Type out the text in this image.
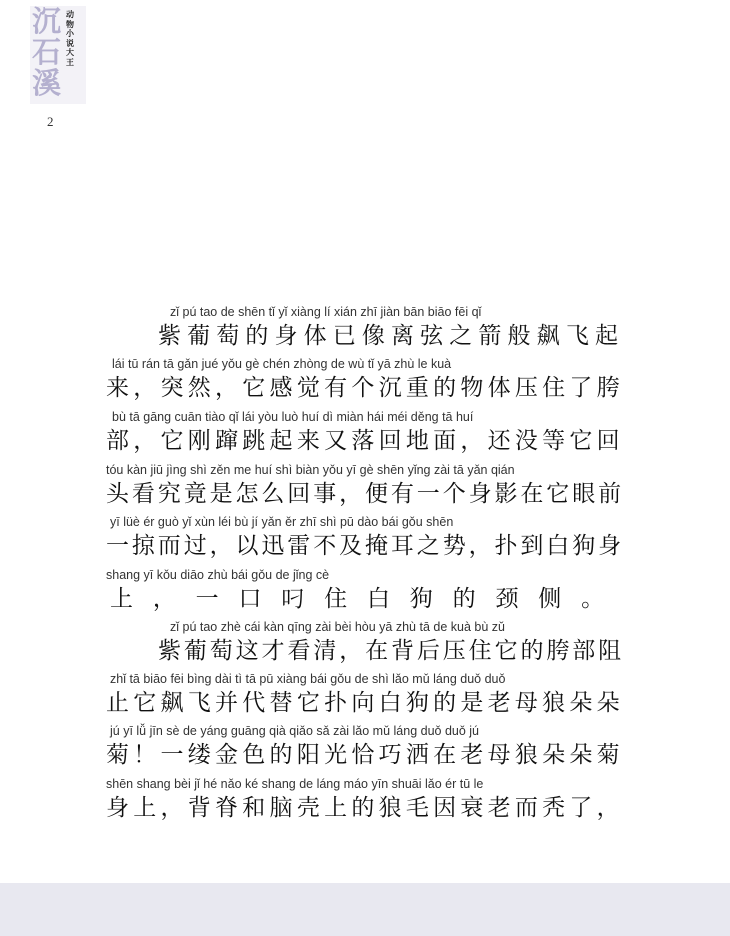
沉
石
溪
动
物
小
说
大
王
2
zǐ pú tao de shēn tǐ yǐ xiàng lí xián zhī jiàn bān biāo fēi qǐ
紫葡萄的身体已像离弦之箭般飙飞起
lái tū rán tā gǎn jué yǒu gè chén zhòng de wù tǐ yā zhù le kuà
来，突然，它感觉有个沉重的物体压住了胯
bù tā gāng cuān tiào qǐ lái yòu luò huí dì miàn hái méi děng tā huí
部，它刚蹿跳起来又落回地面，还没等它回
tóu kàn jiū jìng shì zěn me huí shì biàn yǒu yī gè shēn yǐng zài tā yǎn qián
头看究竟是怎么回事，便有一个身影在它眼前
yī lüè ér guò yǐ xùn léi bù jí yǎn ěr zhī shì pū dào bái gǒu shēn
一掠而过，以迅雷不及掩耳之势，扑到白狗身
shang yī kǒu diāo zhù bái gǒu de jǐng cè
上，一口叼住白狗的颈侧。
zǐ pú tao zhè cái kàn qīng zài bèi hòu yā zhù tā de kuà bù zǔ
紫葡萄这才看清，在背后压住它的胯部阻
zhǐ tā biāo fēi bìng dài tì tā pū xiàng bái gǒu de shì lǎo mǔ láng duǒ duǒ
止它飙飞并代替它扑向白狗的是老母狼朵朵
jú yī lǚ jīn sè de yáng guāng qià qiǎo sǎ zài lǎo mǔ láng duǒ duǒ jú
菊！一缕金色的阳光恰巧洒在老母狼朵朵菊
shēn shang bèi jǐ hé nǎo ké shang de láng máo yīn shuāi lǎo ér tū le
身上，背脊和脑壳上的狼毛因衰老而秃了，
